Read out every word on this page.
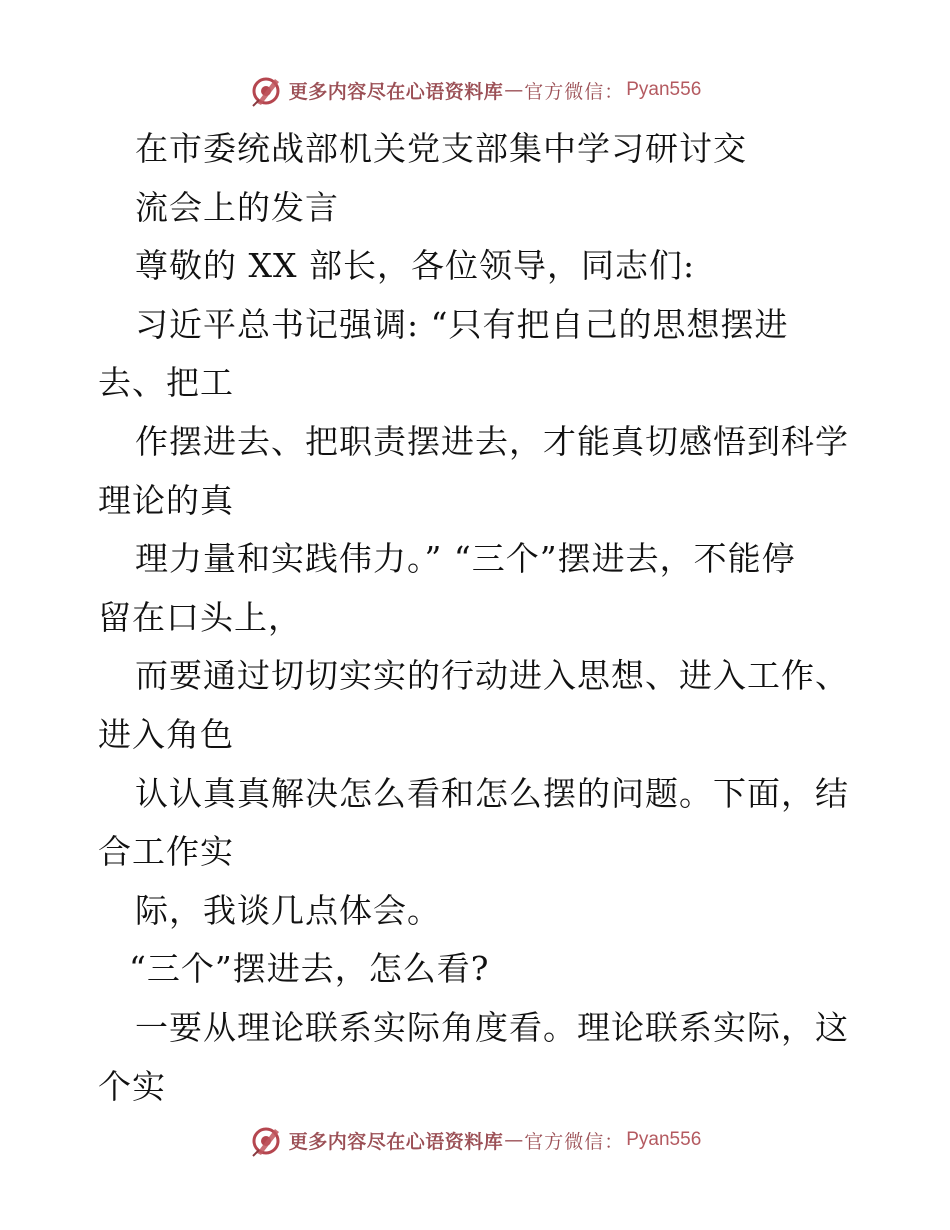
更多内容尽在心语资料库 — 官方微信： Pyan556
在市委统战部机关党支部集中学习研讨交
流会上的发言
尊敬的 XX 部长，各位领导，同志们:
习近平总书记强调: “只有把自己的思想摆进
去、把工
作摆进去、把职责摆进去，才能真切感悟到科学
理论的真
理力量和实践伟力。” “三个”摆进去，不能停
留在口头上，
而要通过切切实实的行动进入思想、进入工作、
进入角色
认认真真解决怎么看和怎么摆的问题。下面，结
合工作实
际，我谈几点体会。
“三个”摆进去，怎么看?
一要从理论联系实际角度看。理论联系实际，这
个实
更多内容尽在心语资料库 — 官方微信： Pyan556
